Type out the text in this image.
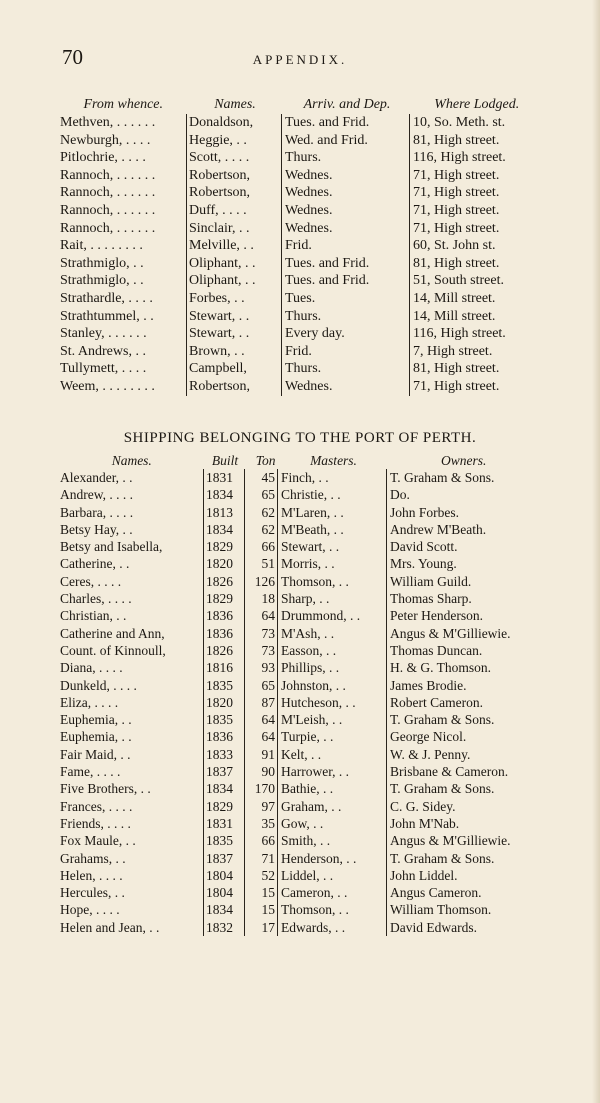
70	APPENDIX.
From whence.	Names.	Arriv. and Dep.	Where Lodged.
Methven, . . . . . .	Donaldson,	Tues. and Frid.	10, So. Meth. st.
Newburgh, . . . .	Heggie, . .	Wed. and Frid.	81, High street.
Pitlochrie, . . . .	Scott, . . . .	Thurs.	116, High street.
Rannoch, . . . . . .	Robertson,	Wednes.	71, High street.
Rannoch, . . . . . .	Robertson,	Wednes.	71, High street.
Rannoch, . . . . . .	Duff, . . . .	Wednes.	71, High street.
Rannoch, . . . . . .	Sinclair, . .	Wednes.	71, High street.
Rait, . . . . . . . .	Melville, . .	Frid.	60, St. John st.
Strathmiglo, . .	Oliphant, . .	Tues. and Frid.	81, High street.
Strathmiglo, . .	Oliphant, . .	Tues. and Frid.	51, South street.
Strathardle, . . . .	Forbes, . .	Tues.	14, Mill street.
Strathtummel, . .	Stewart, . .	Thurs.	14, Mill street.
Stanley, . . . . . .	Stewart, . .	Every day.	116, High street.
St. Andrews, . .	Brown, . .	Frid.	7, High street.
Tullymett, . . . .	Campbell,	Thurs.	81, High street.
Weem, . . . . . . . .	Robertson,	Wednes.	71, High street.
SHIPPING BELONGING TO THE PORT OF PERTH.
Names.	Built	Ton	Masters.	Owners.
Alexander, . .	1831	45	Finch, . .	T. Graham & Sons.
Andrew, . . . .	1834	65	Christie, . .	Do.
Barbara, . . . .	1813	62	M'Laren, . .	John Forbes.
Betsy Hay, . .	1834	62	M'Beath, . .	Andrew M'Beath.
Betsy and Isabella,	1829	66	Stewart, . .	David Scott.
Catherine, . .	1820	51	Morris, . .	Mrs. Young.
Ceres, . . . .	1826	126	Thomson, . .	William Guild.
Charles, . . . .	1829	18	Sharp, . .	Thomas Sharp.
Christian, . .	1836	64	Drummond, . .	Peter Henderson.
Catherine and Ann,	1836	73	M'Ash, . .	Angus & M'Gilliewie.
Count. of Kinnoull,	1826	73	Easson, . .	Thomas Duncan.
Diana, . . . .	1816	93	Phillips, . .	H. & G. Thomson.
Dunkeld, . . . .	1835	65	Johnston, . .	James Brodie.
Eliza, . . . .	1820	87	Hutcheson, . .	Robert Cameron.
Euphemia, . .	1835	64	M'Leish, . .	T. Graham & Sons.
Euphemia, . .	1836	64	Turpie, . .	George Nicol.
Fair Maid, . .	1833	91	Kelt, . .	W. & J. Penny.
Fame, . . . .	1837	90	Harrower, . .	Brisbane & Cameron.
Five Brothers, . .	1834	170	Bathie, . .	T. Graham & Sons.
Frances, . . . .	1829	97	Graham, . .	C. G. Sidey.
Friends, . . . .	1831	35	Gow, . .	John M'Nab.
Fox Maule, . .	1835	66	Smith, . .	Angus & M'Gilliewie.
Grahams, . .	1837	71	Henderson, . .	T. Graham & Sons.
Helen, . . . .	1804	52	Liddel, . .	John Liddel.
Hercules, . .	1804	15	Cameron, . .	Angus Cameron.
Hope, . . . .	1834	15	Thomson, . .	William Thomson.
Helen and Jean, . .	1832	17	Edwards, . .	David Edwards.
